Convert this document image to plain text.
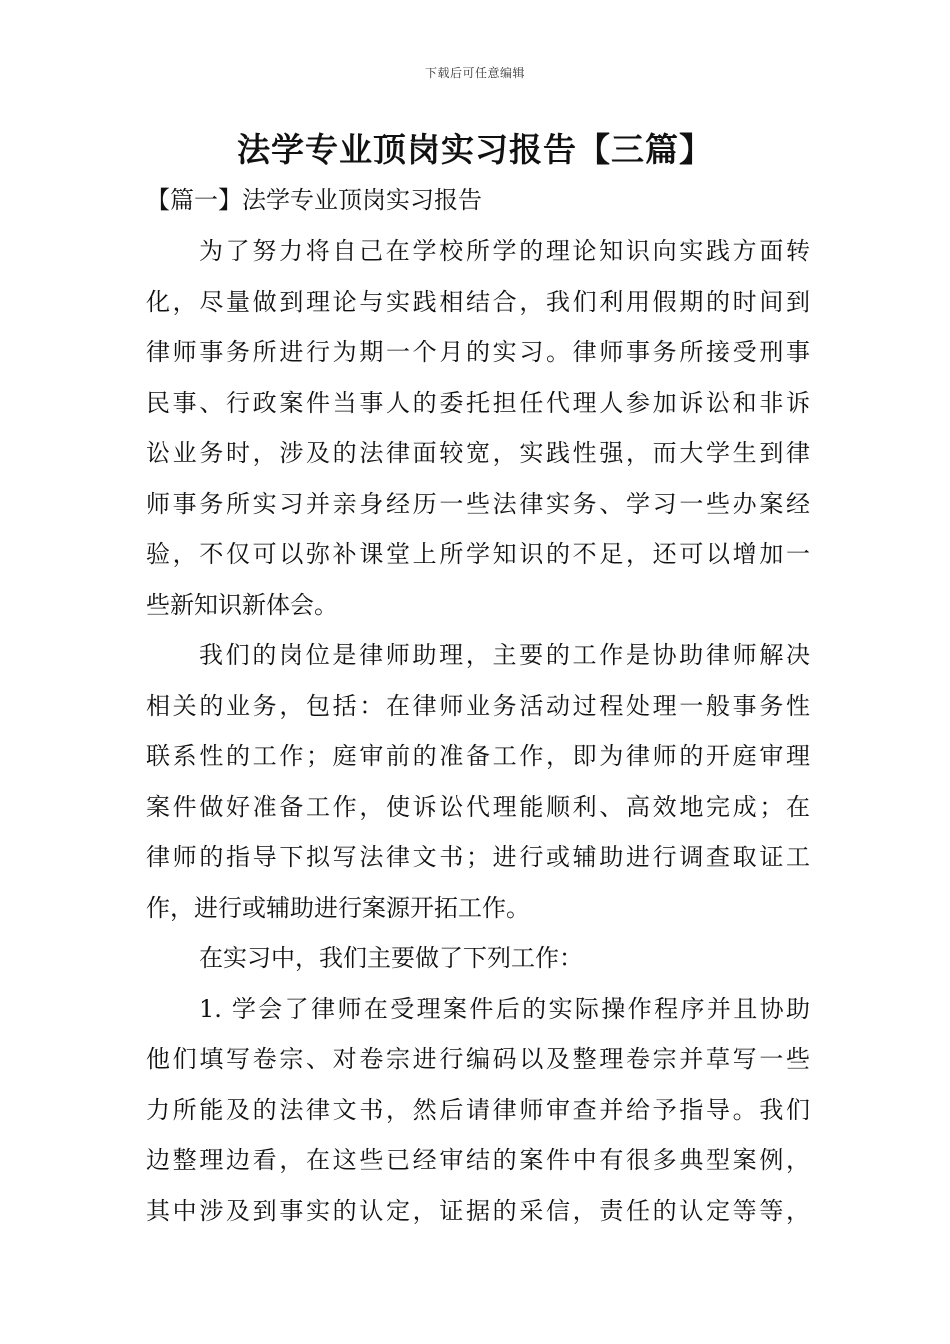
下载后可任意编辑
法学专业顶岗实习报告【三篇】
【篇一】法学专业顶岗实习报告

为了努力将自己在学校所学的理论知识向实践方面转
化，尽量做到理论与实践相结合，我们利用假期的时间到
律师事务所进行为期一个月的实习。律师事务所接受刑事
民事、行政案件当事人的委托担任代理人参加诉讼和非诉
讼业务时，涉及的法律面较宽，实践性强，而大学生到律
师事务所实习并亲身经历一些法律实务、学习一些办案经
验，不仅可以弥补课堂上所学知识的不足，还可以增加一
些新知识新体会。

我们的岗位是律师助理，主要的工作是协助律师解决
相关的业务，包括：在律师业务活动过程处理一般事务性
联系性的工作；庭审前的准备工作，即为律师的开庭审理
案件做好准备工作，使诉讼代理能顺利、高效地完成；在
律师的指导下拟写法律文书；进行或辅助进行调查取证工
作，进行或辅助进行案源开拓工作。

在实习中，我们主要做了下列工作：

1. 学会了律师在受理案件后的实际操作程序并且协助
他们填写卷宗、对卷宗进行编码以及整理卷宗并草写一些
力所能及的法律文书，然后请律师审查并给予指导。我们
边整理边看，在这些已经审结的案件中有很多典型案例，
其中涉及到事实的认定，证据的采信，责任的认定等等，
